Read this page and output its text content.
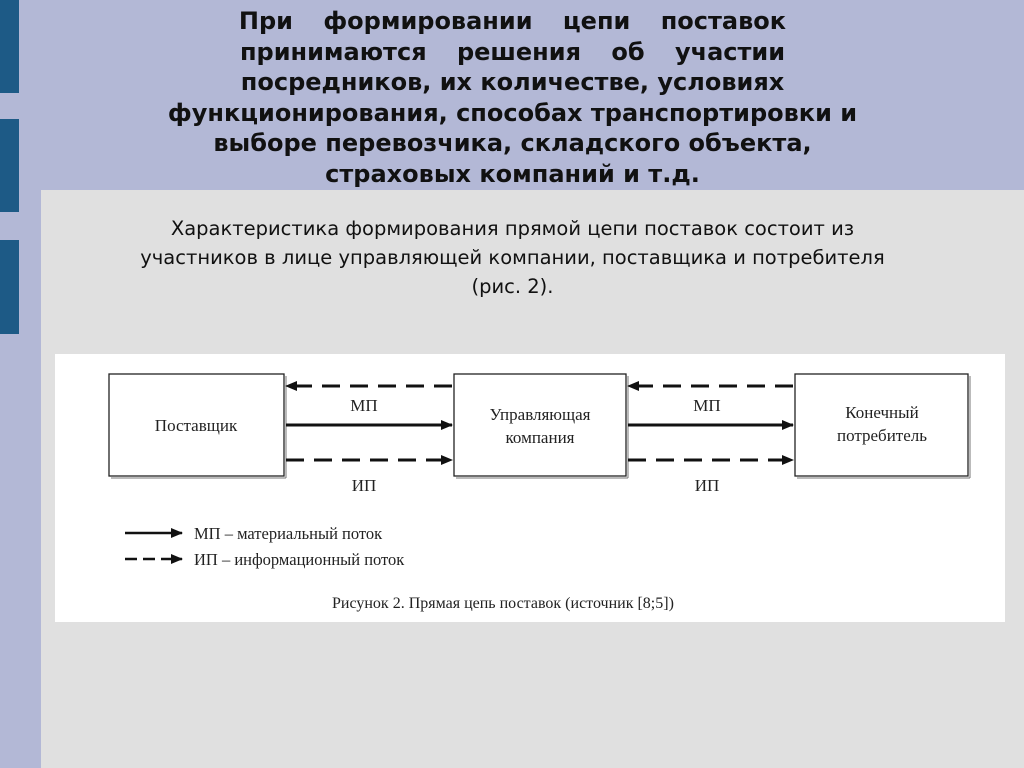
При формировании цепи поставок
принимаются решения об участии
посредников, их количестве, условиях
функционирования, способах транспортировки и
выборе перевозчика, складского объекта,
страховых компаний и т.д.
Характеристика формирования прямой цепи поставок состоит из
участников в лице управляющей компании, поставщика и потребителя
(рис. 2).
Поставщик
Управляющая
компания
Конечный
потребитель
МП
ИП
МП
ИП
МП – материальный поток
ИП – информационный поток
Рисунок 2. Прямая цепь поставок (источник [8;5])
